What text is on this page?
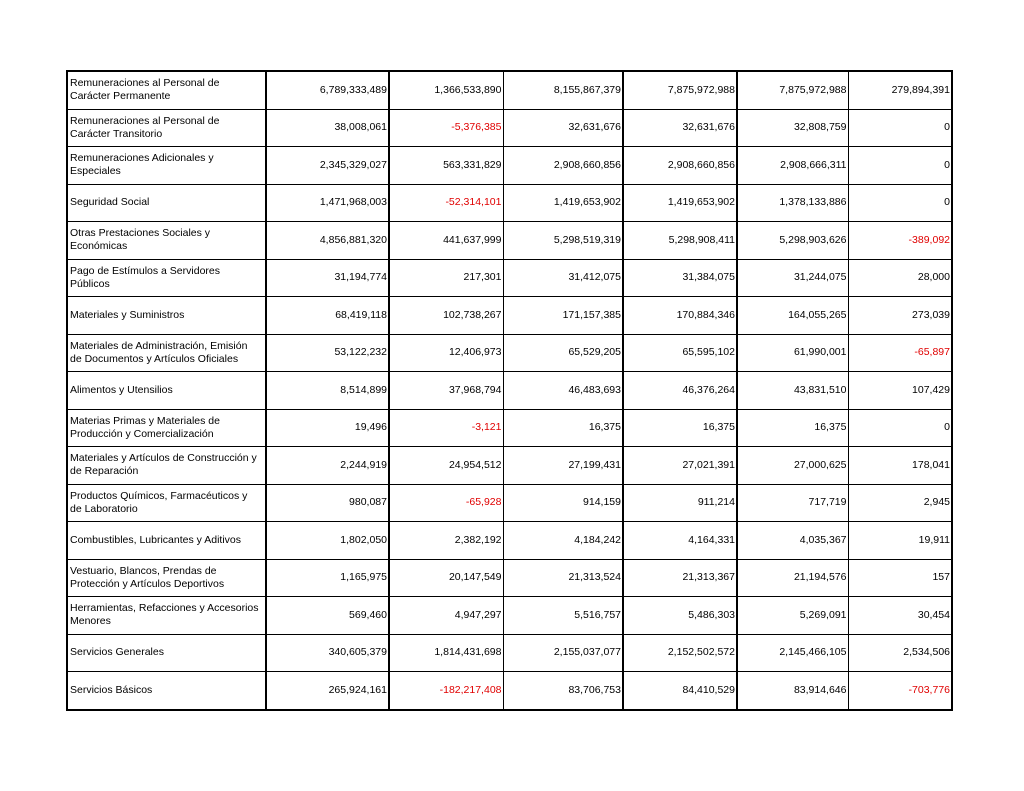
Remuneraciones al Personal de Carácter Permanente	6,789,333,489	1,366,533,890	8,155,867,379	7,875,972,988	7,875,972,988	279,894,391
Remuneraciones al Personal de Carácter Transitorio	38,008,061	-5,376,385	32,631,676	32,631,676	32,808,759	0
Remuneraciones Adicionales y Especiales	2,345,329,027	563,331,829	2,908,660,856	2,908,660,856	2,908,666,311	0
Seguridad Social	1,471,968,003	-52,314,101	1,419,653,902	1,419,653,902	1,378,133,886	0
Otras Prestaciones Sociales y Económicas	4,856,881,320	441,637,999	5,298,519,319	5,298,908,411	5,298,903,626	-389,092
Pago de Estímulos a Servidores Públicos	31,194,774	217,301	31,412,075	31,384,075	31,244,075	28,000
Materiales y Suministros	68,419,118	102,738,267	171,157,385	170,884,346	164,055,265	273,039
Materiales de Administración, Emisión de Documentos y Artículos Oficiales	53,122,232	12,406,973	65,529,205	65,595,102	61,990,001	-65,897
Alimentos y Utensilios	8,514,899	37,968,794	46,483,693	46,376,264	43,831,510	107,429
Materias Primas y Materiales de Producción y Comercialización	19,496	-3,121	16,375	16,375	16,375	0
Materiales y Artículos de Construcción y de Reparación	2,244,919	24,954,512	27,199,431	27,021,391	27,000,625	178,041
Productos Químicos, Farmacéuticos y de Laboratorio	980,087	-65,928	914,159	911,214	717,719	2,945
Combustibles, Lubricantes y Aditivos	1,802,050	2,382,192	4,184,242	4,164,331	4,035,367	19,911
Vestuario, Blancos, Prendas de Protección y Artículos Deportivos	1,165,975	20,147,549	21,313,524	21,313,367	21,194,576	157
Herramientas, Refacciones y Accesorios Menores	569,460	4,947,297	5,516,757	5,486,303	5,269,091	30,454
Servicios Generales	340,605,379	1,814,431,698	2,155,037,077	2,152,502,572	2,145,466,105	2,534,506
Servicios Básicos	265,924,161	-182,217,408	83,706,753	84,410,529	83,914,646	-703,776
